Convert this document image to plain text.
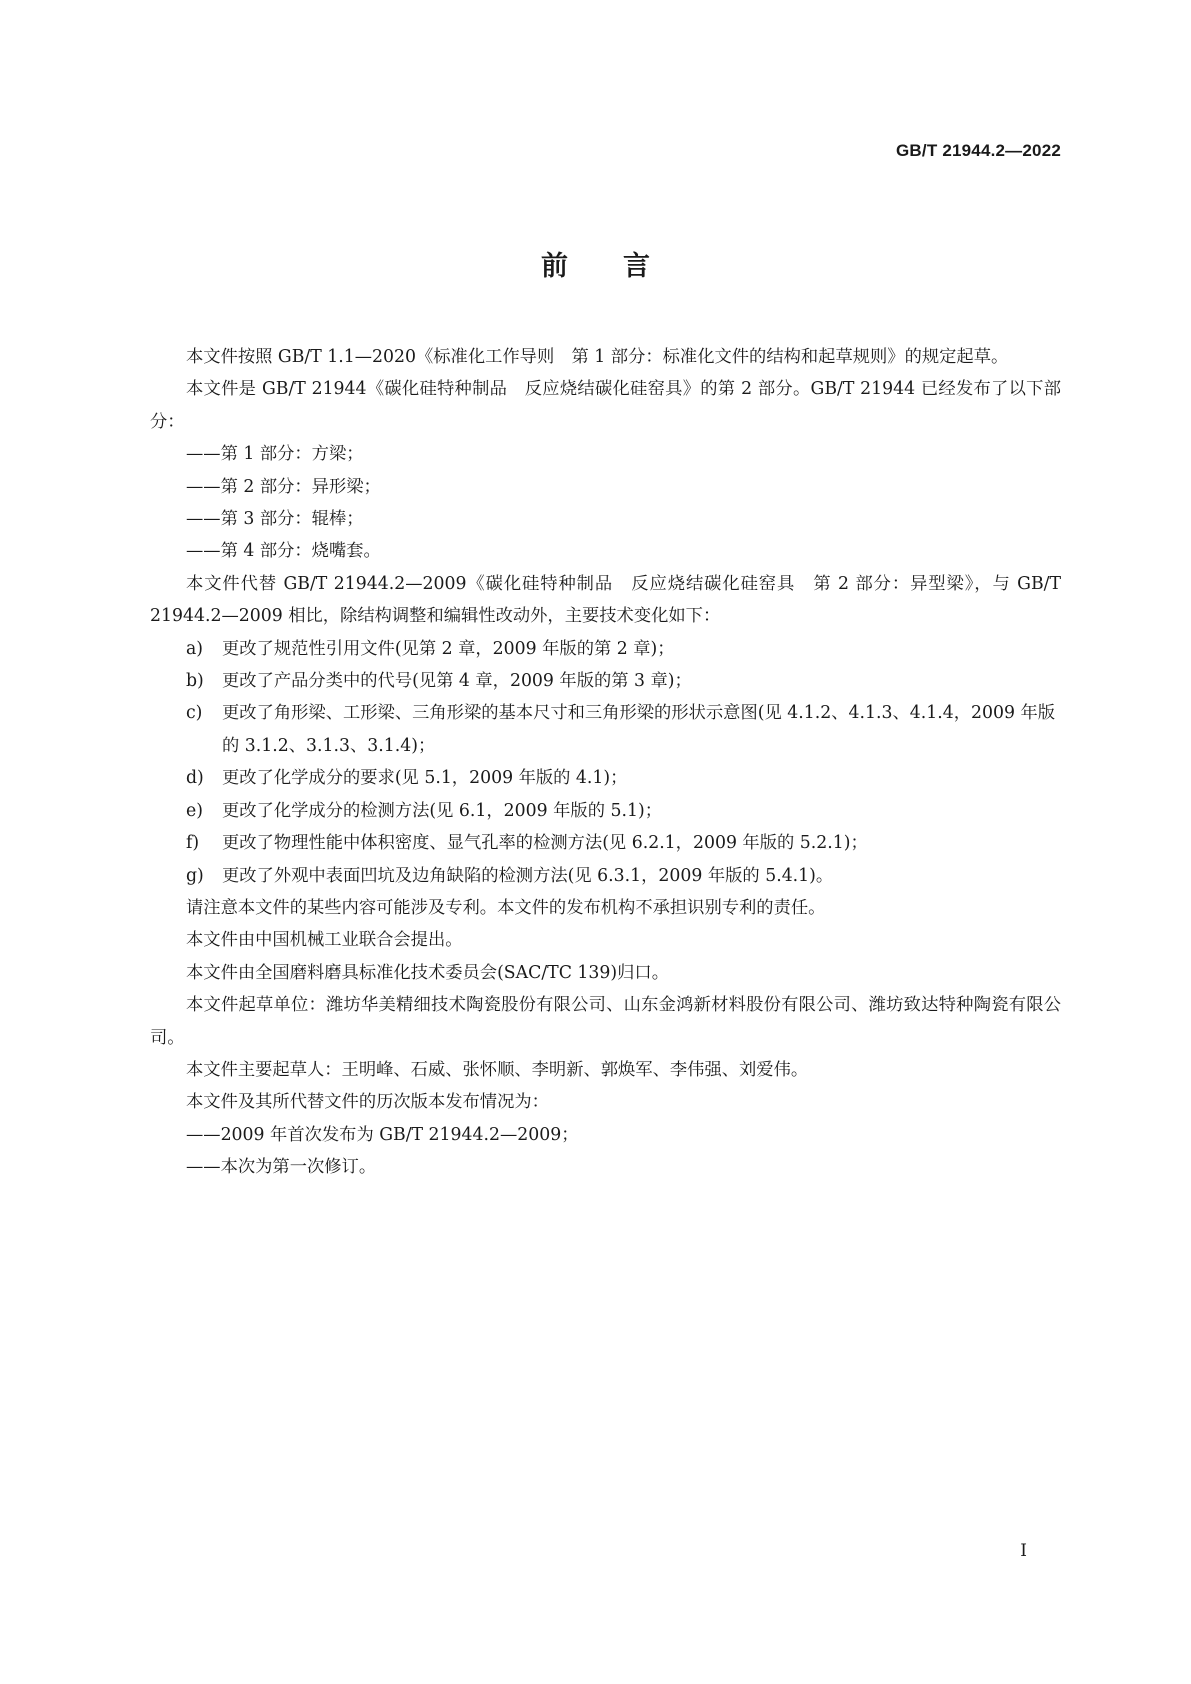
GB/T 21944.2—2022
前言

本文件按照 GB/T 1.1—2020《标准化工作导则　第 1 部分：标准化文件的结构和起草规则》的规定起草。

本文件是 GB/T 21944《碳化硅特种制品　反应烧结碳化硅窑具》的第 2 部分。GB/T 21944 已经发布了以下部分：

——第 1 部分：方梁；

——第 2 部分：异形梁；

——第 3 部分：辊棒；

——第 4 部分：烧嘴套。

本文件代替 GB/T 21944.2—2009《碳化硅特种制品　反应烧结碳化硅窑具　第 2 部分：异型梁》，与 GB/T 21944.2—2009 相比，除结构调整和编辑性改动外，主要技术变化如下：

a) 更改了规范性引用文件(见第 2 章，2009 年版的第 2 章)；

b) 更改了产品分类中的代号(见第 4 章，2009 年版的第 3 章)；

c) 更改了角形梁、工形梁、三角形梁的基本尺寸和三角形梁的形状示意图(见 4.1.2、4.1.3、4.1.4，2009 年版的 3.1.2、3.1.3、3.1.4)；

d) 更改了化学成分的要求(见 5.1，2009 年版的 4.1)；

e) 更改了化学成分的检测方法(见 6.1，2009 年版的 5.1)；

f) 更改了物理性能中体积密度、显气孔率的检测方法(见 6.2.1，2009 年版的 5.2.1)；

g) 更改了外观中表面凹坑及边角缺陷的检测方法(见 6.3.1，2009 年版的 5.4.1)。

请注意本文件的某些内容可能涉及专利。本文件的发布机构不承担识别专利的责任。

本文件由中国机械工业联合会提出。

本文件由全国磨料磨具标准化技术委员会(SAC/TC 139)归口。

本文件起草单位：潍坊华美精细技术陶瓷股份有限公司、山东金鸿新材料股份有限公司、潍坊致达特种陶瓷有限公司。

本文件主要起草人：王明峰、石威、张怀顺、李明新、郭焕军、李伟强、刘爱伟。

本文件及其所代替文件的历次版本发布情况为：

——2009 年首次发布为 GB/T 21944.2—2009；

——本次为第一次修订。

I
